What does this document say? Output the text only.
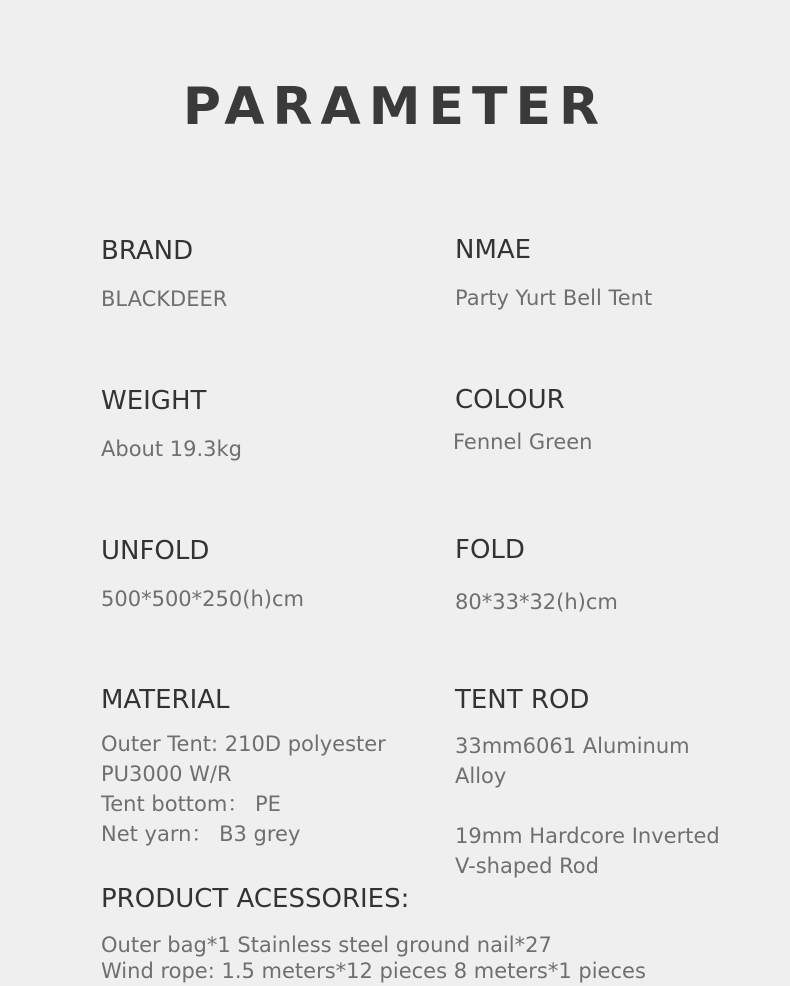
PARAMETER
BRAND
BLACKDEER
NMAE
Party Yurt Bell Tent
WEIGHT
About 19.3kg
COLOUR
Fennel Green
UNFOLD
500*500*250(h)cm
FOLD
80*33*32(h)cm
MATERIAL
Outer Tent: 210D polyester
PU3000 W/R
Tent bottom： PE
Net yarn： B3 grey
TENT ROD
33mm6061 Aluminum
Alloy
19mm Hardcore Inverted
V-shaped Rod
PRODUCT ACESSORIES:
Outer bag*1 Stainless steel ground nail*27
Wind rope: 1.5 meters*12 pieces 8 meters*1 pieces
